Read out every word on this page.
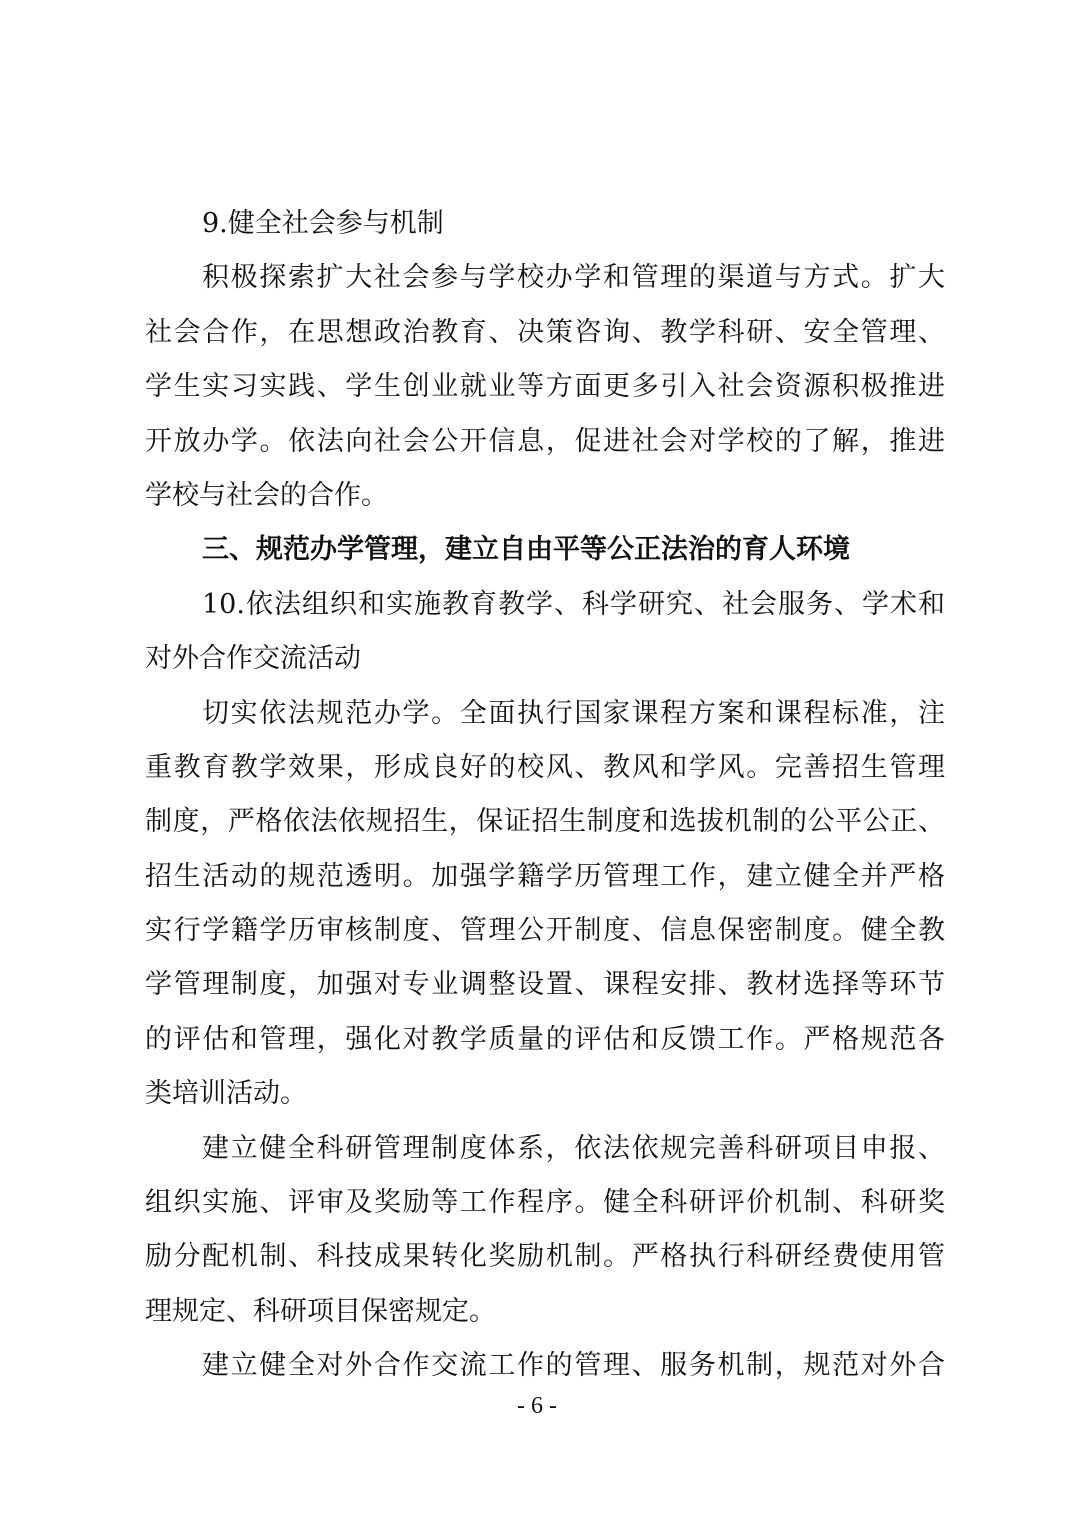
9.健全社会参与机制
积极探索扩大社会参与学校办学和管理的渠道与方式。扩大
社会合作，在思想政治教育、决策咨询、教学科研、安全管理、
学生实习实践、学生创业就业等方面更多引入社会资源积极推进
开放办学。依法向社会公开信息，促进社会对学校的了解，推进
学校与社会的合作。
三、规范办学管理，建立自由平等公正法治的育人环境
10.依法组织和实施教育教学、科学研究、社会服务、学术和
对外合作交流活动
切实依法规范办学。全面执行国家课程方案和课程标准，注
重教育教学效果，形成良好的校风、教风和学风。完善招生管理
制度，严格依法依规招生，保证招生制度和选拔机制的公平公正、
招生活动的规范透明。加强学籍学历管理工作，建立健全并严格
实行学籍学历审核制度、管理公开制度、信息保密制度。健全教
学管理制度，加强对专业调整设置、课程安排、教材选择等环节
的评估和管理，强化对教学质量的评估和反馈工作。严格规范各
类培训活动。
建立健全科研管理制度体系，依法依规完善科研项目申报、
组织实施、评审及奖励等工作程序。健全科研评价机制、科研奖
励分配机制、科技成果转化奖励机制。严格执行科研经费使用管
理规定、科研项目保密规定。
建立健全对外合作交流工作的管理、服务机制，规范对外合
- 6 -
